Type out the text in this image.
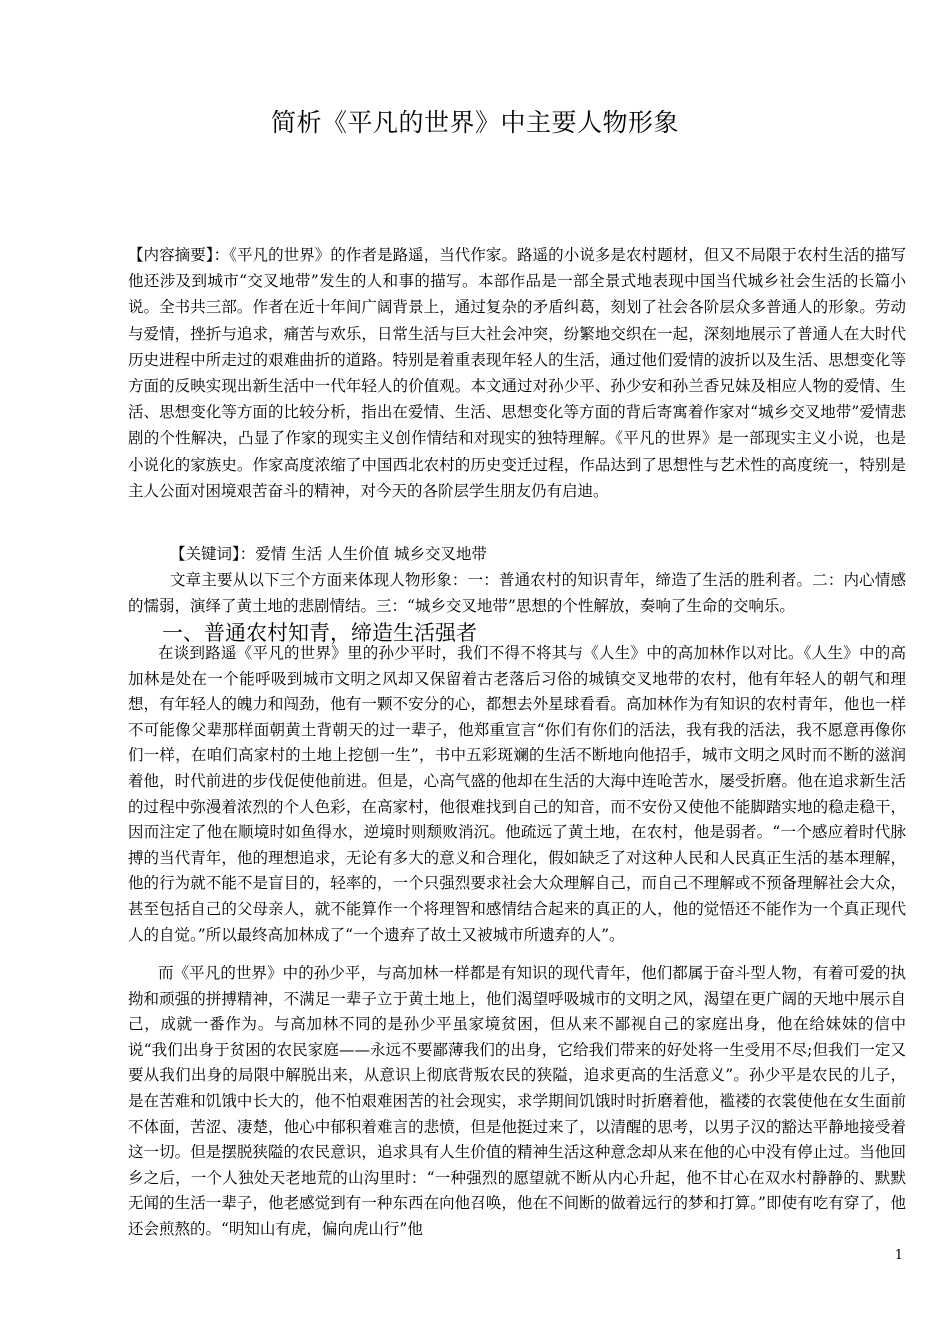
简析《平凡的世界》中主要人物形象

【内容摘要】：《平凡的世界》的作者是路遥，当代作家。路遥的小说多是农村题材，但又不局限于农村生活的描写他还涉及到城市“交叉地带”发生的人和事的描写。本部作品是一部全景式地表现中国当代城乡社会生活的长篇小说。全书共三部。作者在近十年间广阔背景上，通过复杂的矛盾纠葛，刻划了社会各阶层众多普通人的形象。劳动与爱情，挫折与追求，痛苦与欢乐，日常生活与巨大社会冲突，纷繁地交织在一起，深刻地展示了普通人在大时代历史进程中所走过的艰难曲折的道路。特别是着重表现年轻人的生活，通过他们爱情的波折以及生活、思想变化等方面的反映实现出新生活中一代年轻人的价值观。本文通过对孙少平、孙少安和孙兰香兄妹及相应人物的爱情、生活、思想变化等方面的比较分析，指出在爱情、生活、思想变化等方面的背后寄寓着作家对“城乡交叉地带”爱情悲剧的个性解决，凸显了作家的现实主义创作情结和对现实的独特理解。《平凡的世界》是一部现实主义小说，也是小说化的家族史。作家高度浓缩了中国西北农村的历史变迁过程，作品达到了思想性与艺术性的高度统一，特别是主人公面对困境艰苦奋斗的精神，对今天的各阶层学生朋友仍有启迪。

【关键词】：爱情 生活 人生价值 城乡交叉地带

文章主要从以下三个方面来体现人物形象：一：普通农村的知识青年，缔造了生活的胜利者。二：内心情感的懦弱，演绎了黄土地的悲剧情结。三：“城乡交叉地带”思想的个性解放，奏响了生命的交响乐。

一、普通农村知青，缔造生活强者

在谈到路遥《平凡的世界》里的孙少平时，我们不得不将其与《人生》中的高加林作以对比。《人生》中的高加林是处在一个能呼吸到城市文明之风却又保留着古老落后习俗的城镇交叉地带的农村，他有年轻人的朝气和理想，有年轻人的魄力和闯劲，他有一颗不安分的心，都想去外星球看看。高加林作为有知识的农村青年，他也一样不可能像父辈那样面朝黄土背朝天的过一辈子，他郑重宣言“你们有你们的活法，我有我的活法，我不愿意再像你们一样，在咱们高家村的土地上挖刨一生”，书中五彩斑斓的生活不断地向他招手，城市文明之风时而不断的滋润着他，时代前进的步伐促使他前进。但是，心高气盛的他却在生活的大海中连呛苦水，屡受折磨。他在追求新生活的过程中弥漫着浓烈的个人色彩，在高家村，他很难找到自己的知音，而不安份又使他不能脚踏实地的稳走稳干，因而注定了他在顺境时如鱼得水，逆境时则颓败消沉。他疏远了黄土地，在农村，他是弱者。“一个感应着时代脉搏的当代青年，他的理想追求，无论有多大的意义和合理化，假如缺乏了对这种人民和人民真正生活的基本理解，他的行为就不能不是盲目的，轻率的，一个只强烈要求社会大众理解自己，而自己不理解或不预备理解社会大众，甚至包括自己的父母亲人，就不能算作一个将理智和感情结合起来的真正的人，他的觉悟还不能作为一个真正现代人的自觉。”所以最终高加林成了“一个遗弃了故土又被城市所遗弃的人”。

而《平凡的世界》中的孙少平，与高加林一样都是有知识的现代青年，他们都属于奋斗型人物，有着可爱的执拗和顽强的拼搏精神，不满足一辈子立于黄土地上，他们渴望呼吸城市的文明之风，渴望在更广阔的天地中展示自己，成就一番作为。与高加林不同的是孙少平虽家境贫困，但从来不鄙视自己的家庭出身，他在给妹妹的信中说“我们出身于贫困的农民家庭——永远不要鄙薄我们的出身，它给我们带来的好处将一生受用不尽;但我们一定又要从我们出身的局限中解脱出来，从意识上彻底背叛农民的狭隘，追求更高的生活意义”。孙少平是农民的儿子，是在苦难和饥饿中长大的，他不怕艰难困苦的社会现实，求学期间饥饿时时折磨着他，褴褛的衣裳使他在女生面前不体面，苦涩、凄楚，他心中郁积着难言的悲愤，但是他挺过来了，以清醒的思考，以男子汉的豁达平静地接受着这一切。但是摆脱狭隘的农民意识，追求具有人生价值的精神生活这种意念却从来在他的心中没有停止过。当他回乡之后，一个人独处天老地荒的山沟里时：“一种强烈的愿望就不断从内心升起，他不甘心在双水村静静的、默默无闻的生活一辈子，他老感觉到有一种东西在向他召唤，他在不间断的做着远行的梦和打算。”即使有吃有穿了，他还会煎熬的。“明知山有虎，偏向虎山行”他

1
